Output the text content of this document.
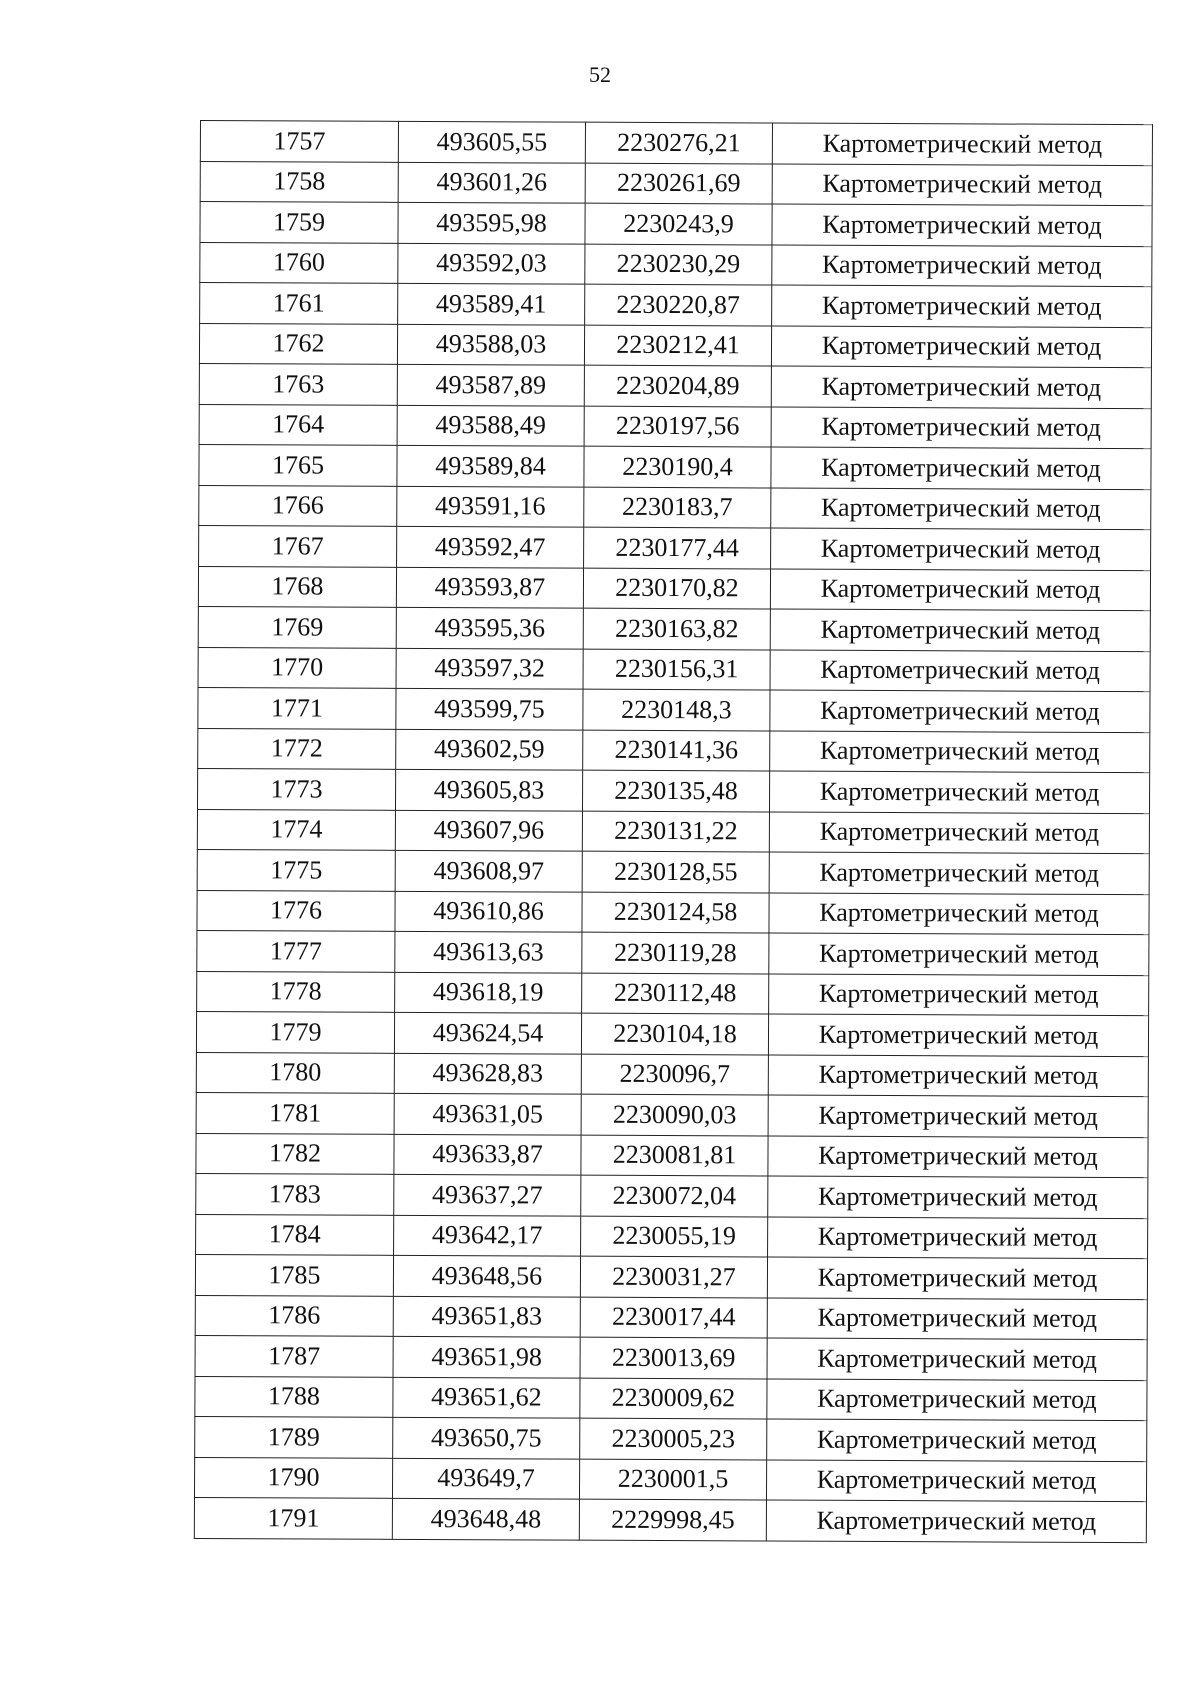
52
1757	493605,55	2230276,21	Картометрический метод
1758	493601,26	2230261,69	Картометрический метод
1759	493595,98	2230243,9	Картометрический метод
1760	493592,03	2230230,29	Картометрический метод
1761	493589,41	2230220,87	Картометрический метод
1762	493588,03	2230212,41	Картометрический метод
1763	493587,89	2230204,89	Картометрический метод
1764	493588,49	2230197,56	Картометрический метод
1765	493589,84	2230190,4	Картометрический метод
1766	493591,16	2230183,7	Картометрический метод
1767	493592,47	2230177,44	Картометрический метод
1768	493593,87	2230170,82	Картометрический метод
1769	493595,36	2230163,82	Картометрический метод
1770	493597,32	2230156,31	Картометрический метод
1771	493599,75	2230148,3	Картометрический метод
1772	493602,59	2230141,36	Картометрический метод
1773	493605,83	2230135,48	Картометрический метод
1774	493607,96	2230131,22	Картометрический метод
1775	493608,97	2230128,55	Картометрический метод
1776	493610,86	2230124,58	Картометрический метод
1777	493613,63	2230119,28	Картометрический метод
1778	493618,19	2230112,48	Картометрический метод
1779	493624,54	2230104,18	Картометрический метод
1780	493628,83	2230096,7	Картометрический метод
1781	493631,05	2230090,03	Картометрический метод
1782	493633,87	2230081,81	Картометрический метод
1783	493637,27	2230072,04	Картометрический метод
1784	493642,17	2230055,19	Картометрический метод
1785	493648,56	2230031,27	Картометрический метод
1786	493651,83	2230017,44	Картометрический метод
1787	493651,98	2230013,69	Картометрический метод
1788	493651,62	2230009,62	Картометрический метод
1789	493650,75	2230005,23	Картометрический метод
1790	493649,7	2230001,5	Картометрический метод
1791	493648,48	2229998,45	Картометрический метод
